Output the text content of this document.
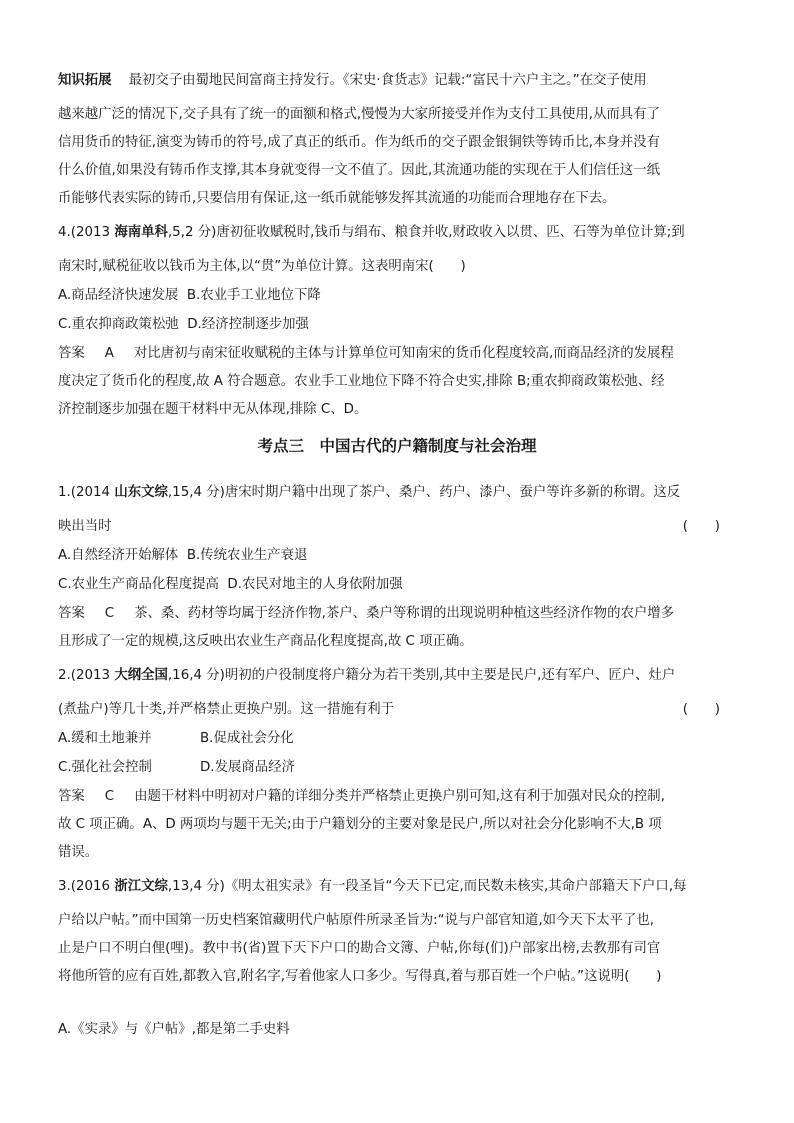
知识拓展 最初交子由蜀地民间富商主持发行。《宋史·食货志》记载:“富民十六户主之。”在交子使用
越来越广泛的情况下,交子具有了统一的面额和格式,慢慢为大家所接受并作为支付工具使用,从而具有了
信用货币的特征,演变为铸币的符号,成了真正的纸币。作为纸币的交子跟金银铜铁等铸币比,本身并没有
什么价值,如果没有铸币作支撑,其本身就变得一文不值了。因此,其流通功能的实现在于人们信任这一纸
币能够代表实际的铸币,只要信用有保证,这一纸币就能够发挥其流通的功能而合理地存在下去。
4.(2013 海南单科,5,2 分)唐初征收赋税时,钱币与绢布、粮食并收,财政收入以贯、匹、石等为单位计算;到
南宋时,赋税征收以钱币为主体,以“贯”为单位计算。这表明南宋(　　)
A.商品经济快速发展 B.农业手工业地位下降
C.重农抑商政策松弛 D.经济控制逐步加强
答案 A 对比唐初与南宋征收赋税的主体与计算单位可知南宋的货币化程度较高,而商品经济的发展程
度决定了货币化的程度,故 A 符合题意。农业手工业地位下降不符合史实,排除 B;重农抑商政策松弛、经
济控制逐步加强在题干材料中无从体现,排除 C、D。
考点三　中国古代的户籍制度与社会治理
1.(2014 山东文综,15,4 分)唐宋时期户籍中出现了茶户、桑户、药户、漆户、蚕户等许多新的称谓。这反
映出当时	(　　)
A.自然经济开始解体 B.传统农业生产衰退
C.农业生产商品化程度提高 D.农民对地主的人身依附加强
答案 C 茶、桑、药材等均属于经济作物,茶户、桑户等称谓的出现说明种植这些经济作物的农户增多
且形成了一定的规模,这反映出农业生产商品化程度提高,故 C 项正确。
2.(2013 大纲全国,16,4 分)明初的户役制度将户籍分为若干类别,其中主要是民户,还有军户、匠户、灶户
(煮盐户)等几十类,并严格禁止更换户别。这一措施有利于	(　　)
A.缓和土地兼并	B.促成社会分化
C.强化社会控制	D.发展商品经济
答案 C 由题干材料中明初对户籍的详细分类并严格禁止更换户别可知,这有利于加强对民众的控制,
故 C 项正确。A、D 两项均与题干无关;由于户籍划分的主要对象是民户,所以对社会分化影响不大,B 项
错误。
3.(2016 浙江文综,13,4 分)《明太祖实录》有一段圣旨“今天下已定,而民数未核实,其命户部籍天下户口,每
户给以户帖。”而中国第一历史档案馆藏明代户帖原件所录圣旨为:“说与户部官知道,如今天下太平了也,
止是户口不明白俚(哩)。教中书(省)置下天下户口的勘合文簿、户帖,你每(们)户部家出榜,去教那有司官
将他所管的应有百姓,都教入官,附名字,写着他家人口多少。写得真,着与那百姓一个户帖。”这说明(　　)
A.《实录》与《户帖》,都是第二手史料
